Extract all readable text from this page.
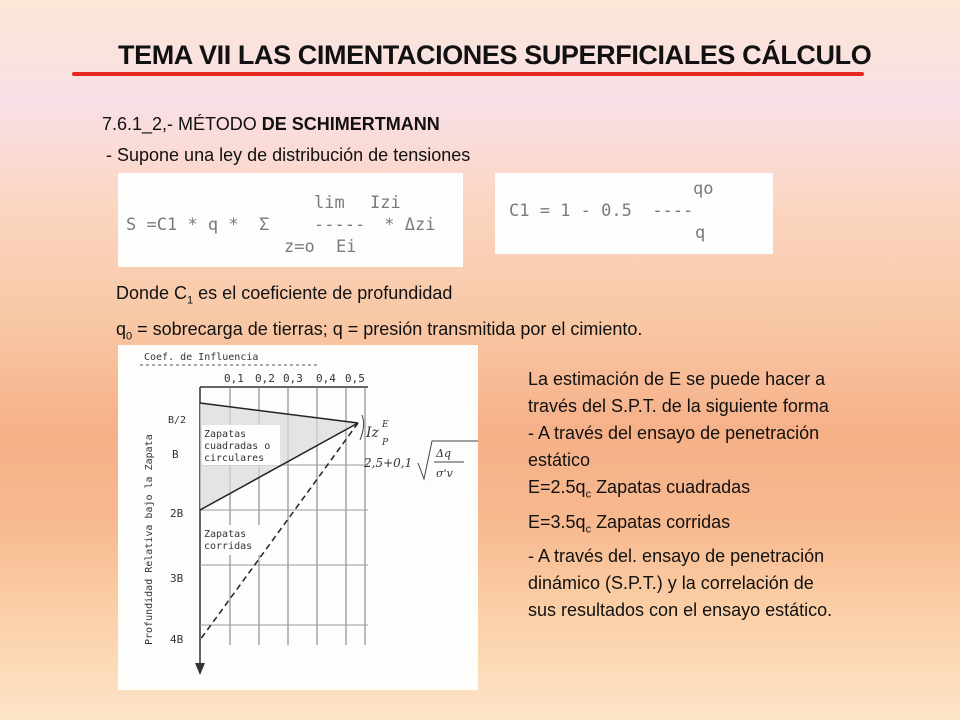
TEMA VII LAS CIMENTACIONES SUPERFICIALES CÁLCULO
7.6.1_2,- MÉTODO DE SCHIMERTMANN
- Supone una ley de distribución de tensiones
S =C1 * q *  Σ
lim Izi
----- * Δzi
z=o Ei
qo
C1 = 1 - 0.5  ----
q
Donde $C_1$ es el coeficiente de profundidad
$q_0$ = sobrecarga de tierras; q = presión transmitida por el cimiento.
Coef. de Influencia
0,1 0,2 0,3 0,4 0,5
B/2
B
2B
3B
4B
Profundidad Relativa bajo la Zapata	Zapatas
cuadradas o
circulares
Zapatas
corridas
Iz
P
E
2,5+0,1
Δq
σ'v
La estimación de E se puede hacer a
través del S.P.T. de la siguiente forma
- A través del ensayo de penetración
estático
$E=2.5q_c$ Zapatas cuadradas
$E=3.5q_c$ Zapatas corridas
- A través del. ensayo de penetración
dinámico (S.P.T.) y la correlación de
sus resultados con el ensayo estático.
